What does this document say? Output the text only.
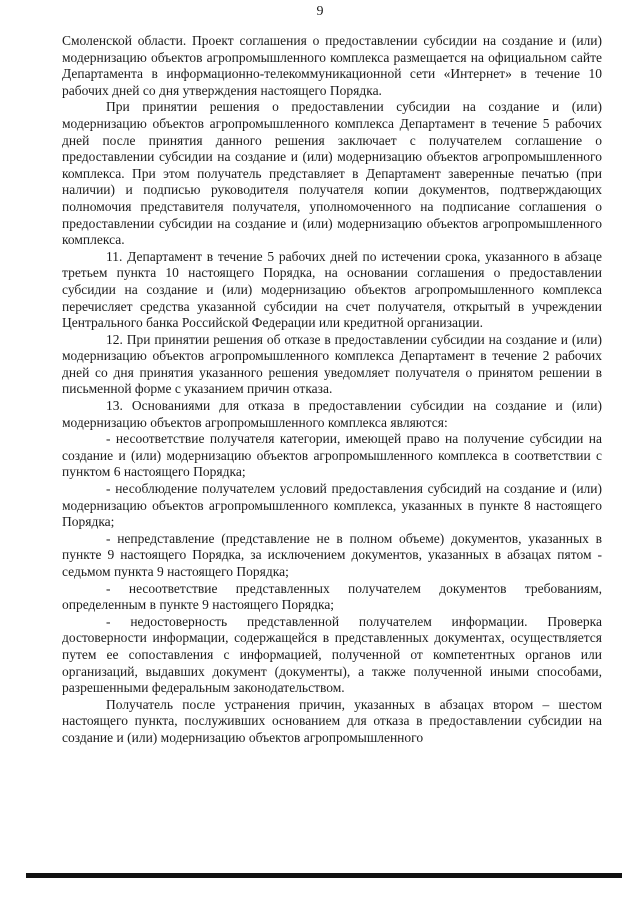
9

Смоленской области. Проект соглашения о предоставлении субсидии на создание и (или) модернизацию объектов агропромышленного комплекса размещается на официальном сайте Департамента в информационно-телекоммуникационной сети «Интернет» в течение 10 рабочих дней со дня утверждения настоящего Порядка.

При принятии решения о предоставлении субсидии на создание и (или) модернизацию объектов агропромышленного комплекса Департамент в течение 5 рабочих дней после принятия данного решения заключает с получателем соглашение о предоставлении субсидии на создание и (или) модернизацию объектов агропромышленного комплекса. При этом получатель представляет в Департамент заверенные печатью (при наличии) и подписью руководителя получателя копии документов, подтверждающих полномочия представителя получателя, уполномоченного на подписание соглашения о предоставлении субсидии на создание и (или) модернизацию объектов агропромышленного комплекса.

11. Департамент в течение 5 рабочих дней по истечении срока, указанного в абзаце третьем пункта 10 настоящего Порядка, на основании соглашения о предоставлении субсидии на создание и (или) модернизацию объектов агропромышленного комплекса перечисляет средства указанной субсидии на счет получателя, открытый в учреждении Центрального банка Российской Федерации или кредитной организации.

12. При принятии решения об отказе в предоставлении субсидии на создание и (или) модернизацию объектов агропромышленного комплекса Департамент в течение 2 рабочих дней со дня принятия указанного решения уведомляет получателя о принятом решении в письменной форме с указанием причин отказа.

13. Основаниями для отказа в предоставлении субсидии на создание и (или) модернизацию объектов агропромышленного комплекса являются:

- несоответствие получателя категории, имеющей право на получение субсидии на создание и (или) модернизацию объектов агропромышленного комплекса в соответствии с пунктом 6 настоящего Порядка;

- несоблюдение получателем условий предоставления субсидий на создание и (или) модернизацию объектов агропромышленного комплекса, указанных в пункте 8 настоящего Порядка;

- непредставление (представление не в полном объеме) документов, указанных в пункте 9 настоящего Порядка, за исключением документов, указанных в абзацах пятом - седьмом пункта 9 настоящего Порядка;

- несоответствие представленных получателем документов требованиям, определенным в пункте 9 настоящего Порядка;

- недостоверность представленной получателем информации. Проверка достоверности информации, содержащейся в представленных документах, осуществляется путем ее сопоставления с информацией, полученной от компетентных органов или организаций, выдавших документ (документы), а также полученной иными способами, разрешенными федеральным законодательством.

Получатель после устранения причин, указанных в абзацах втором – шестом настоящего пункта, послуживших основанием для отказа в предоставлении субсидии на создание и (или) модернизацию объектов агропромышленного
